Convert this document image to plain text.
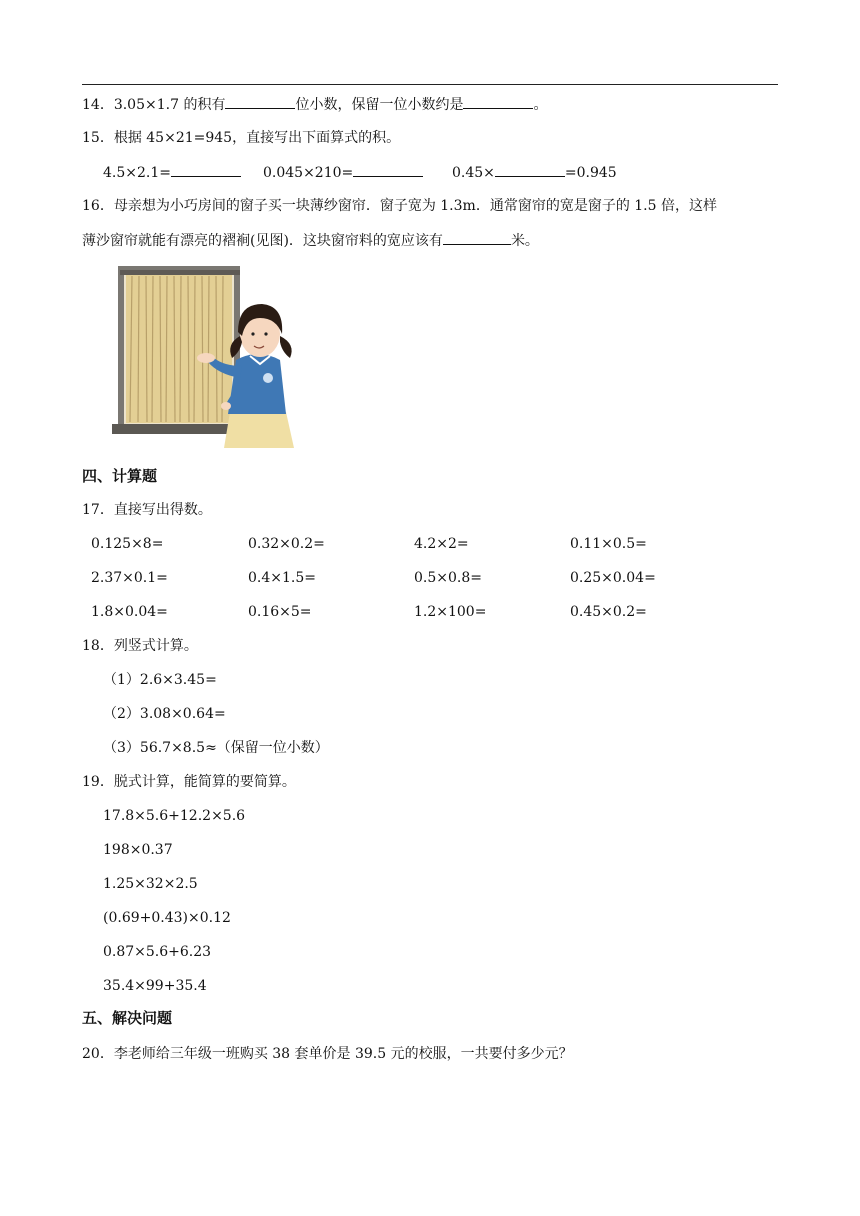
14．3.05×1.7 的积有	位小数，保留一位小数约是	。
15．根据 45×21=945，直接写出下面算式的积。
4.5×2.1=	0.045×210=	0.45×	=0.945
16．母亲想为小巧房间的窗子买一块薄纱窗帘．窗子宽为 1.3m．通常窗帘的宽是窗子的 1.5 倍，这样
薄沙窗帘就能有漂亮的褶裥(见图)．这块窗帘料的宽应该有	米。
四、计算题
17．直接写出得数。
0.125×8=	0.32×0.2=	4.2×2=	0.11×0.5=
2.37×0.1=	0.4×1.5=	0.5×0.8=	0.25×0.04=
1.8×0.04=	0.16×5=	1.2×100=	0.45×0.2=
18．列竖式计算。
（1）2.6×3.45=
（2）3.08×0.64=
（3）56.7×8.5≈（保留一位小数）
19．脱式计算，能简算的要简算。
17.8×5.6+12.2×5.6
198×0.37
1.25×32×2.5
(0.69+0.43)×0.12
0.87×5.6+6.23
35.4×99+35.4
五、解决问题
20．李老师给三年级一班购买 38 套单价是 39.5 元的校服，一共要付多少元？
